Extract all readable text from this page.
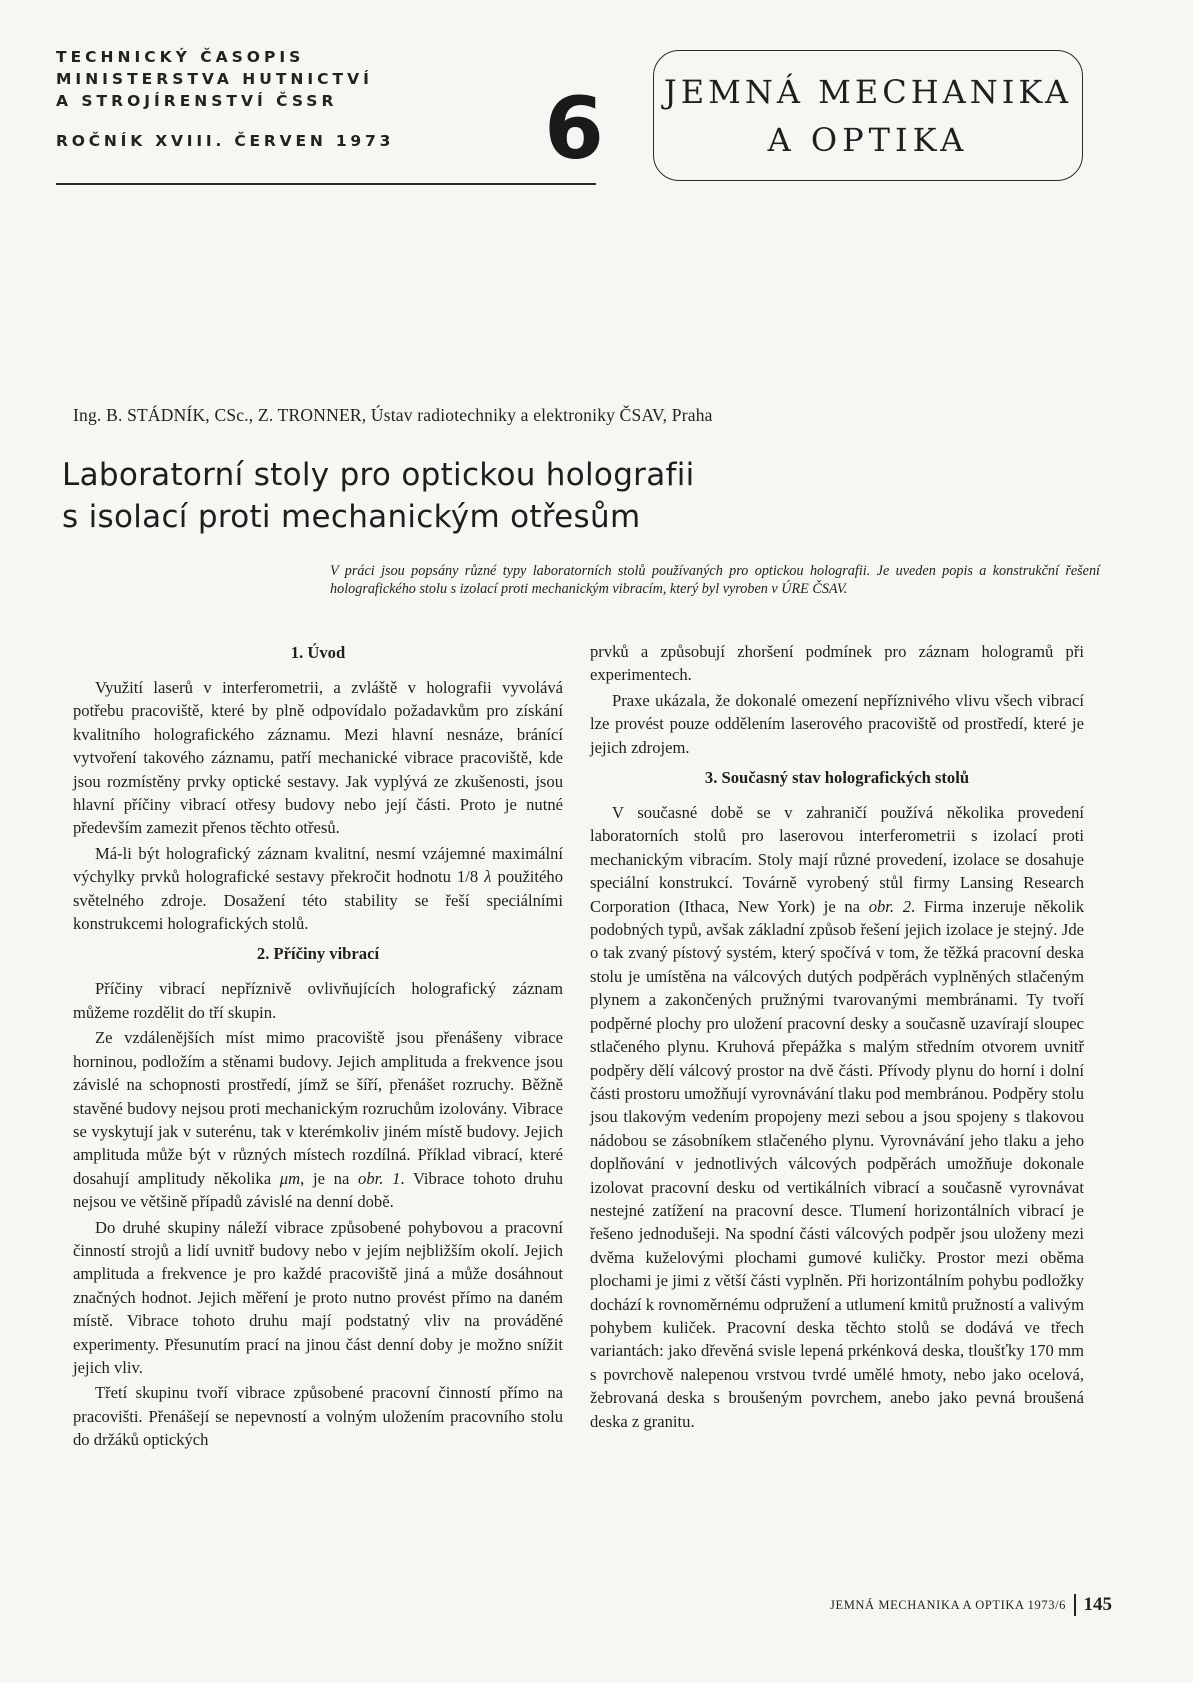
TECHNICKÝ ČASOPIS
MINISTERSTVA HUTNICTVÍ
A STROJÍRENSTVÍ ČSSR
ROČNÍK XVIII. ČERVEN 1973	6	JEMNÁ MECHANIKA
A OPTIKA
Ing. B. STÁDNÍK, CSc., Z. TRONNER, Ústav radiotechniky a elektroniky ČSAV, Praha
Laboratorní stoly pro optickou holografii
s isolací proti mechanickým otřesům
V práci jsou popsány různé typy laboratorních stolů používaných pro optickou holografii. Je uveden popis a konstrukční řešení holografického stolu s izolací proti mechanickým vibracím, který byl vyroben v ÚRE ČSAV.
1. Úvod

Využití laserů v interferometrii, a zvláště v holografii vyvolává potřebu pracoviště, které by plně odpovídalo požadavkům pro získání kvalitního holografického záznamu. Mezi hlavní nesnáze, bránící vytvoření takového záznamu, patří mechanické vibrace pracoviště, kde jsou rozmístěny prvky optické sestavy. Jak vyplývá ze zkušenosti, jsou hlavní příčiny vibrací otřesy budovy nebo její části. Proto je nutné především zamezit přenos těchto otřesů.

Má-li být holografický záznam kvalitní, nesmí vzájemné maximální výchylky prvků holografické sestavy překročit hodnotu 1/8 λ použitého světelného zdroje. Dosažení této stability se řeší speciálními konstrukcemi holografických stolů.

2. Příčiny vibrací

Příčiny vibrací nepříznivě ovlivňujících holografický záznam můžeme rozdělit do tří skupin.

Ze vzdálenějších míst mimo pracoviště jsou přenášeny vibrace horninou, podložím a stěnami budovy. Jejich amplituda a frekvence jsou závislé na schopnosti prostředí, jímž se šíří, přenášet rozruchy. Běžně stavěné budovy nejsou proti mechanickým rozruchům izolovány. Vibrace se vyskytují jak v suterénu, tak v kterémkoliv jiném místě budovy. Jejich amplituda může být v různých místech rozdílná. Příklad vibrací, které dosahují amplitudy několika μm, je na obr. 1. Vibrace tohoto druhu nejsou ve většině případů závislé na denní době.

Do druhé skupiny náleží vibrace způsobené pohybovou a pracovní činností strojů a lidí uvnitř budovy nebo v jejím nejbližším okolí. Jejich amplituda a frekvence je pro každé pracoviště jiná a může dosáhnout značných hodnot. Jejich měření je proto nutno provést přímo na daném místě. Vibrace tohoto druhu mají podstatný vliv na prováděné experimenty. Přesunutím prací na jinou část denní doby je možno snížit jejich vliv.

Třetí skupinu tvoří vibrace způsobené pracovní činností přímo na pracovišti. Přenášejí se nepevností a volným uložením pracovního stolu do držáků optických

prvků a způsobují zhoršení podmínek pro záznam hologramů při experimentech.

Praxe ukázala, že dokonalé omezení nepříznivého vlivu všech vibrací lze provést pouze oddělením laserového pracoviště od prostředí, které je jejich zdrojem.

3. Současný stav holografických stolů

V současné době se v zahraničí používá několika provedení laboratorních stolů pro laserovou interferometrii s izolací proti mechanickým vibracím. Stoly mají různé provedení, izolace se dosahuje speciální konstrukcí. Továrně vyrobený stůl firmy Lansing Research Corporation (Ithaca, New York) je na obr. 2. Firma inzeruje několik podobných typů, avšak základní způsob řešení jejich izolace je stejný. Jde o tak zvaný pístový systém, který spočívá v tom, že těžká pracovní deska stolu je umístěna na válcových dutých podpěrách vyplněných stlačeným plynem a zakončených pružnými tvarovanými membránami. Ty tvoří podpěrné plochy pro uložení pracovní desky a současně uzavírají sloupec stlačeného plynu. Kruhová přepážka s malým středním otvorem uvnitř podpěry dělí válcový prostor na dvě části. Přívody plynu do horní i dolní části prostoru umožňují vyrovnávání tlaku pod membránou. Podpěry stolu jsou tlakovým vedením propojeny mezi sebou a jsou spojeny s tlakovou nádobou se zásobníkem stlačeného plynu. Vyrovnávání jeho tlaku a jeho doplňování v jednotlivých válcových podpěrách umožňuje dokonale izolovat pracovní desku od vertikálních vibrací a současně vyrovnávat nestejné zatížení na pracovní desce. Tlumení horizontálních vibrací je řešeno jednodušeji. Na spodní části válcových podpěr jsou uloženy mezi dvěma kuželovými plochami gumové kuličky. Prostor mezi oběma plochami je jimi z větší části vyplněn. Při horizontálním pohybu podložky dochází k rovnoměrnému odpružení a utlumení kmitů pružností a valivým pohybem kuliček. Pracovní deska těchto stolů se dodává ve třech variantách: jako dřevěná svisle lepená prkénková deska, tloušťky 170 mm s povrchově nalepenou vrstvou tvrdé umělé hmoty, nebo jako ocelová, žebrovaná deska s broušeným povrchem, anebo jako pevná broušená deska z granitu.

JEMNÁ MECHANIKA A OPTIKA 1973/6 145
